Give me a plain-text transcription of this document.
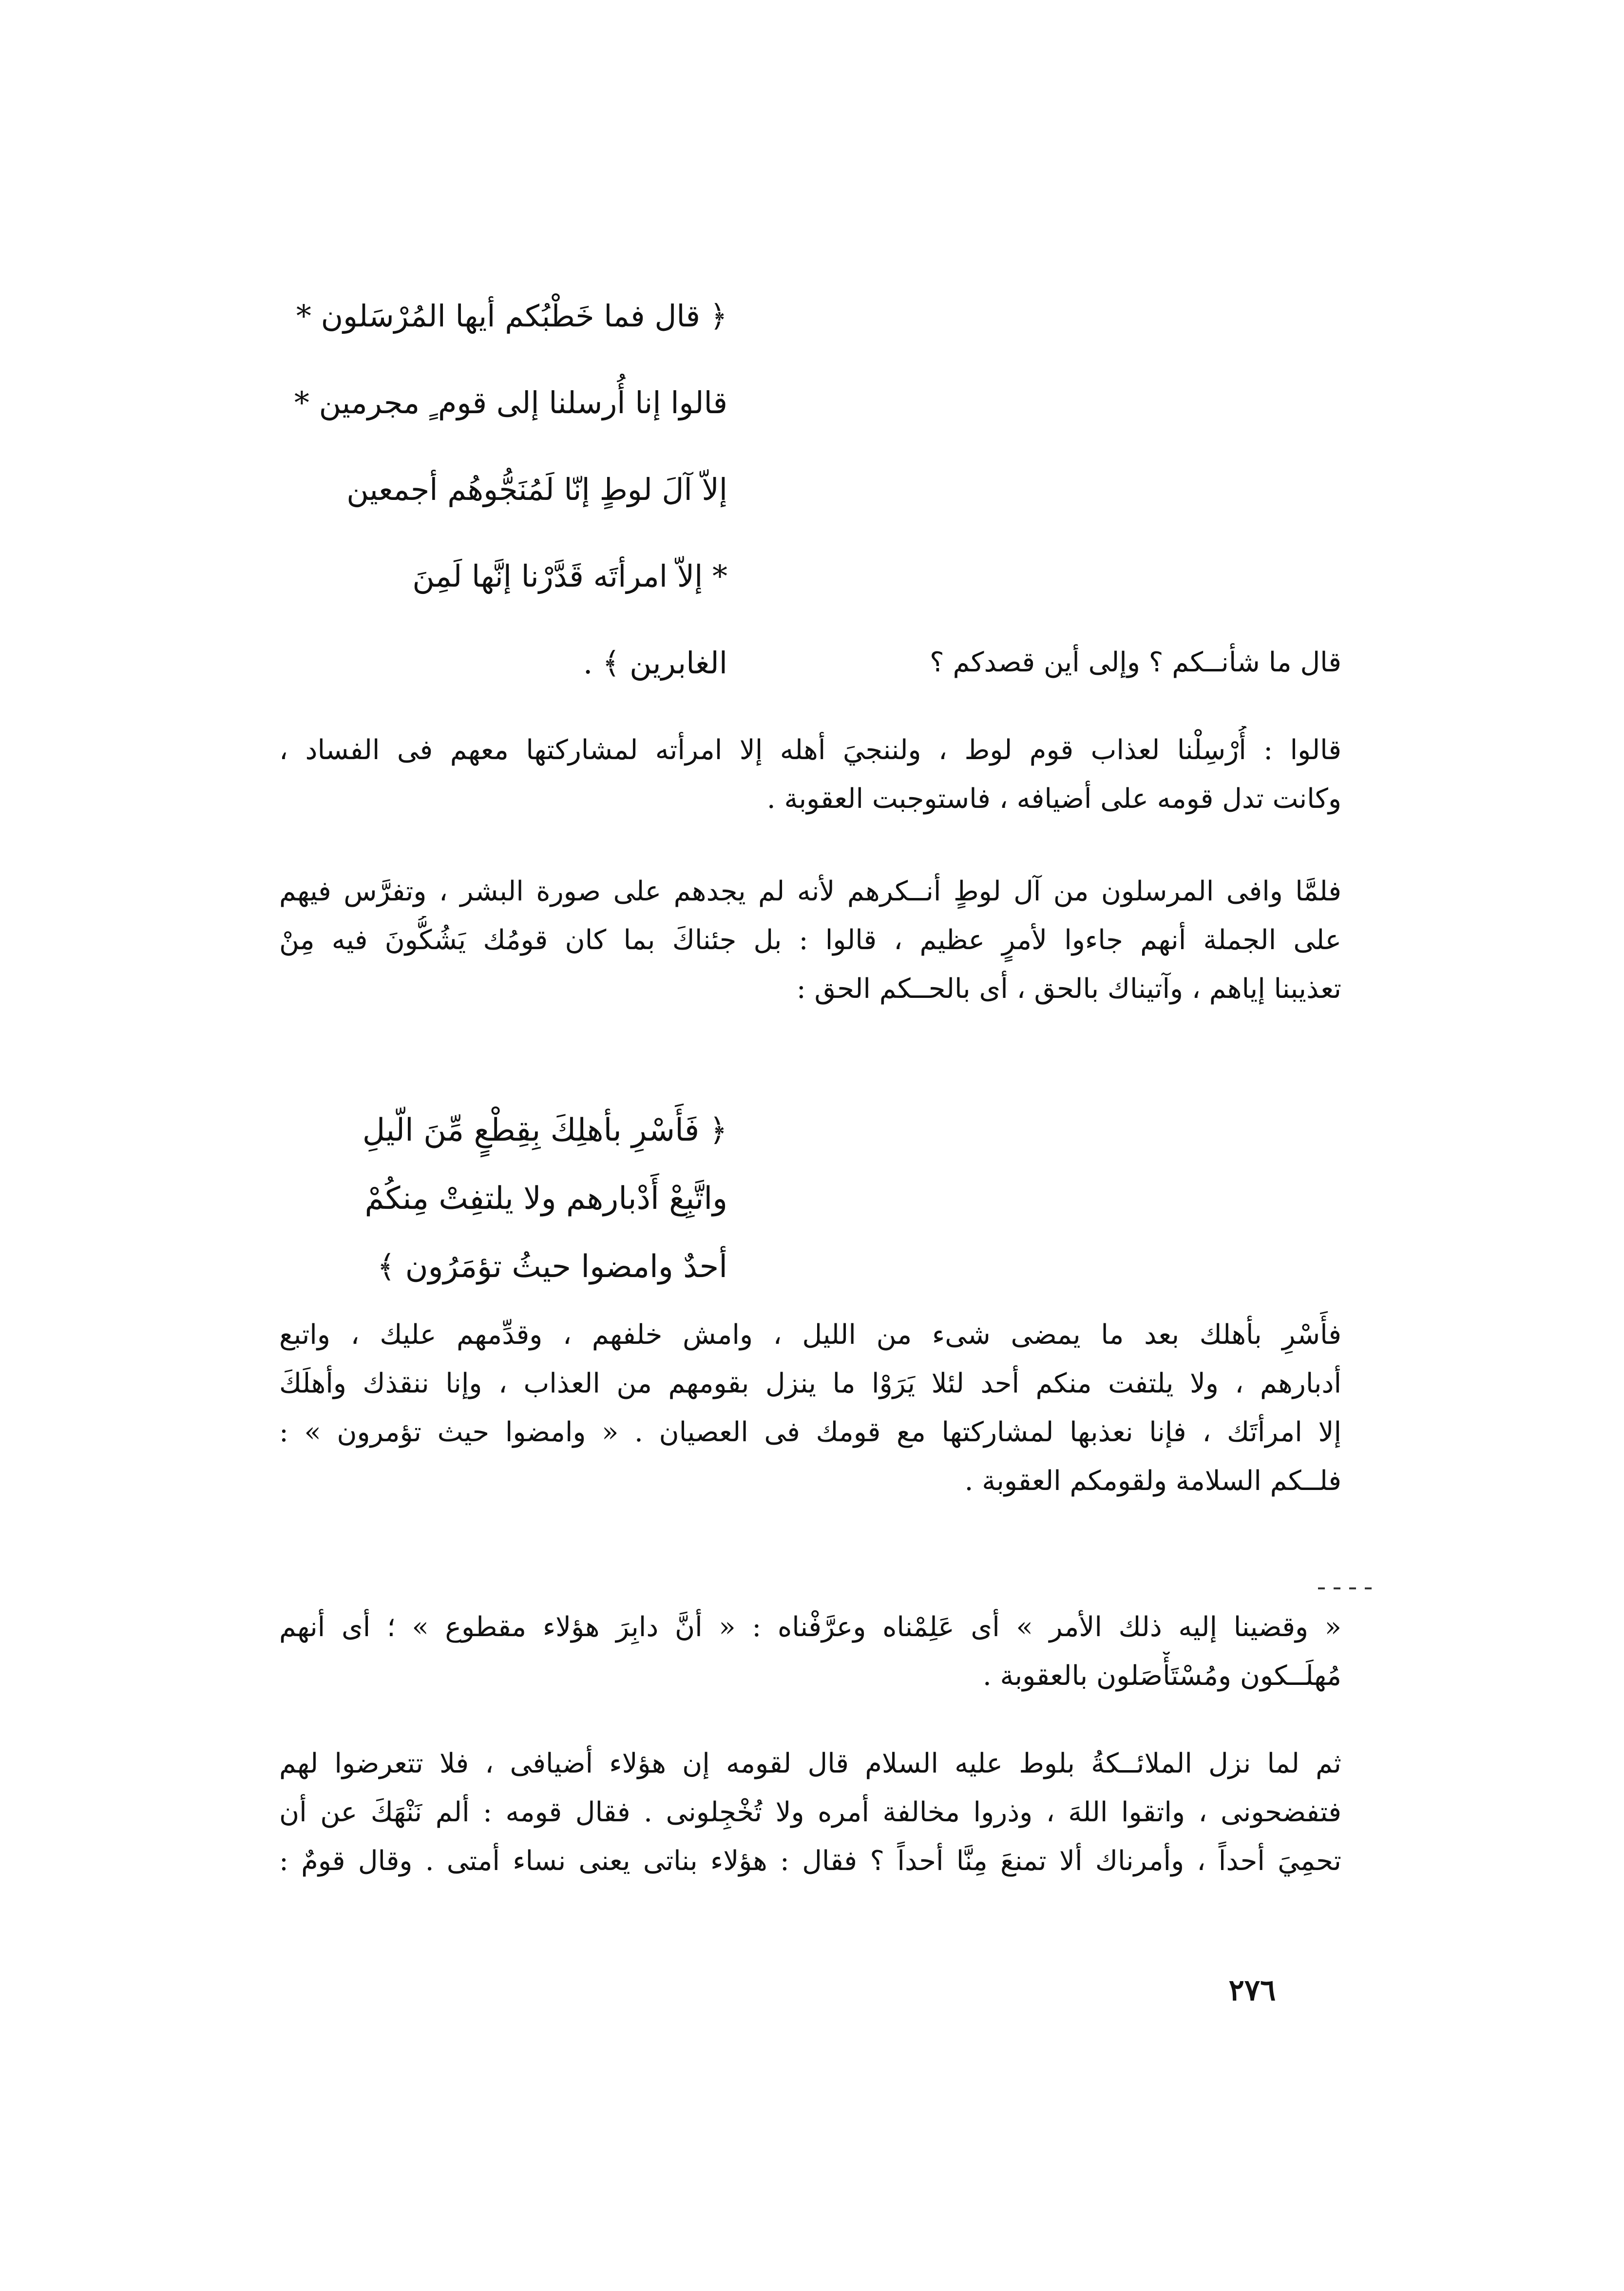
﴿ قال فما خَطْبُكم أيها المُرْسَلون *
قالوا إنا أُرسلنا إلى قوم ٍ مجرمين *
إلاّ آلَ لوطٍ إنّا لَمُنَجُّوهُم أجمعين
* إلاّ امرأتَه قَدَّرْنا إنَّها لَمِنَ
الغابرين ﴾ .	قال ما شأنــكم ؟ وإلى أين قصدكم ؟
قالوا : أُرْسِلْنا لعذاب قوم لوط ، ولننجيَ أهله إلا امرأته لمشاركتها معهم فى الفساد ،
وكانت تدل قومه على أضيافه ، فاستوجبت العقوبة .
فلمَّا وافى المرسلون من آل لوطٍ أنــكرهم لأنه لم يجدهم على صورة البشر ، وتفرَّس فيهم
على الجملة أنهم جاءوا لأمرٍ عظيم ، قالوا : بل جئناكَ بما كان قومُك يَشُكُّونَ فيه مِنْ
تعذيبنا إياهم ، وآتيناك بالحق ، أى بالحــكم الحق :
﴿ فَأَسْرِ بأهلِكَ بِقِطْعٍ مِّنَ الّيلِ
واتَّبِعْ أَدْبارهم ولا يلتفِتْ مِنكُمْ
أحدٌ وامضوا حيثُ تؤمَرُون ﴾
فأَسْرِ بأهلك بعد ما يمضى شىء من الليل ، وامش خلفهم ، وقدِّمهم عليك ، واتبع
أدبارهم ، ولا يلتفت منكم أحد لئلا يَرَوْا ما ينزل بقومهم من العذاب ، وإنا ننقذك وأهلَكَ
إلا امرأتَك ، فإنا نعذبها لمشاركتها مع قومك فى العصيان . « وامضوا حيث تؤمرون » :
فلــكم السلامة ولقومكم العقوبة .
« وقضينا إليه ذلك الأمر » أى عَلِمْناه وعرَّفْناه : « أنَّ دابِرَ هؤلاء مقطوع » ؛ أى أنهم
مُهلَــكون ومُسْتَأْصَلون بالعقوبة .
ثم لما نزل الملائــكةُ بلوط عليه السلام قال لقومه إن هؤلاء أضيافى ، فلا تتعرضوا لهم
فتفضحونى ، واتقوا اللهَ ، وذروا مخالفة أمره ولا تُخْجِلونى . فقال قومه : ألم نَنْهَكَ عن أن
تحمِيَ أحداً ، وأمرناك ألا تمنعَ مِنَّا أحداً ؟ فقال : هؤلاء بناتى يعنى نساء أمتى . وقال قومٌ :
٢٧٦
